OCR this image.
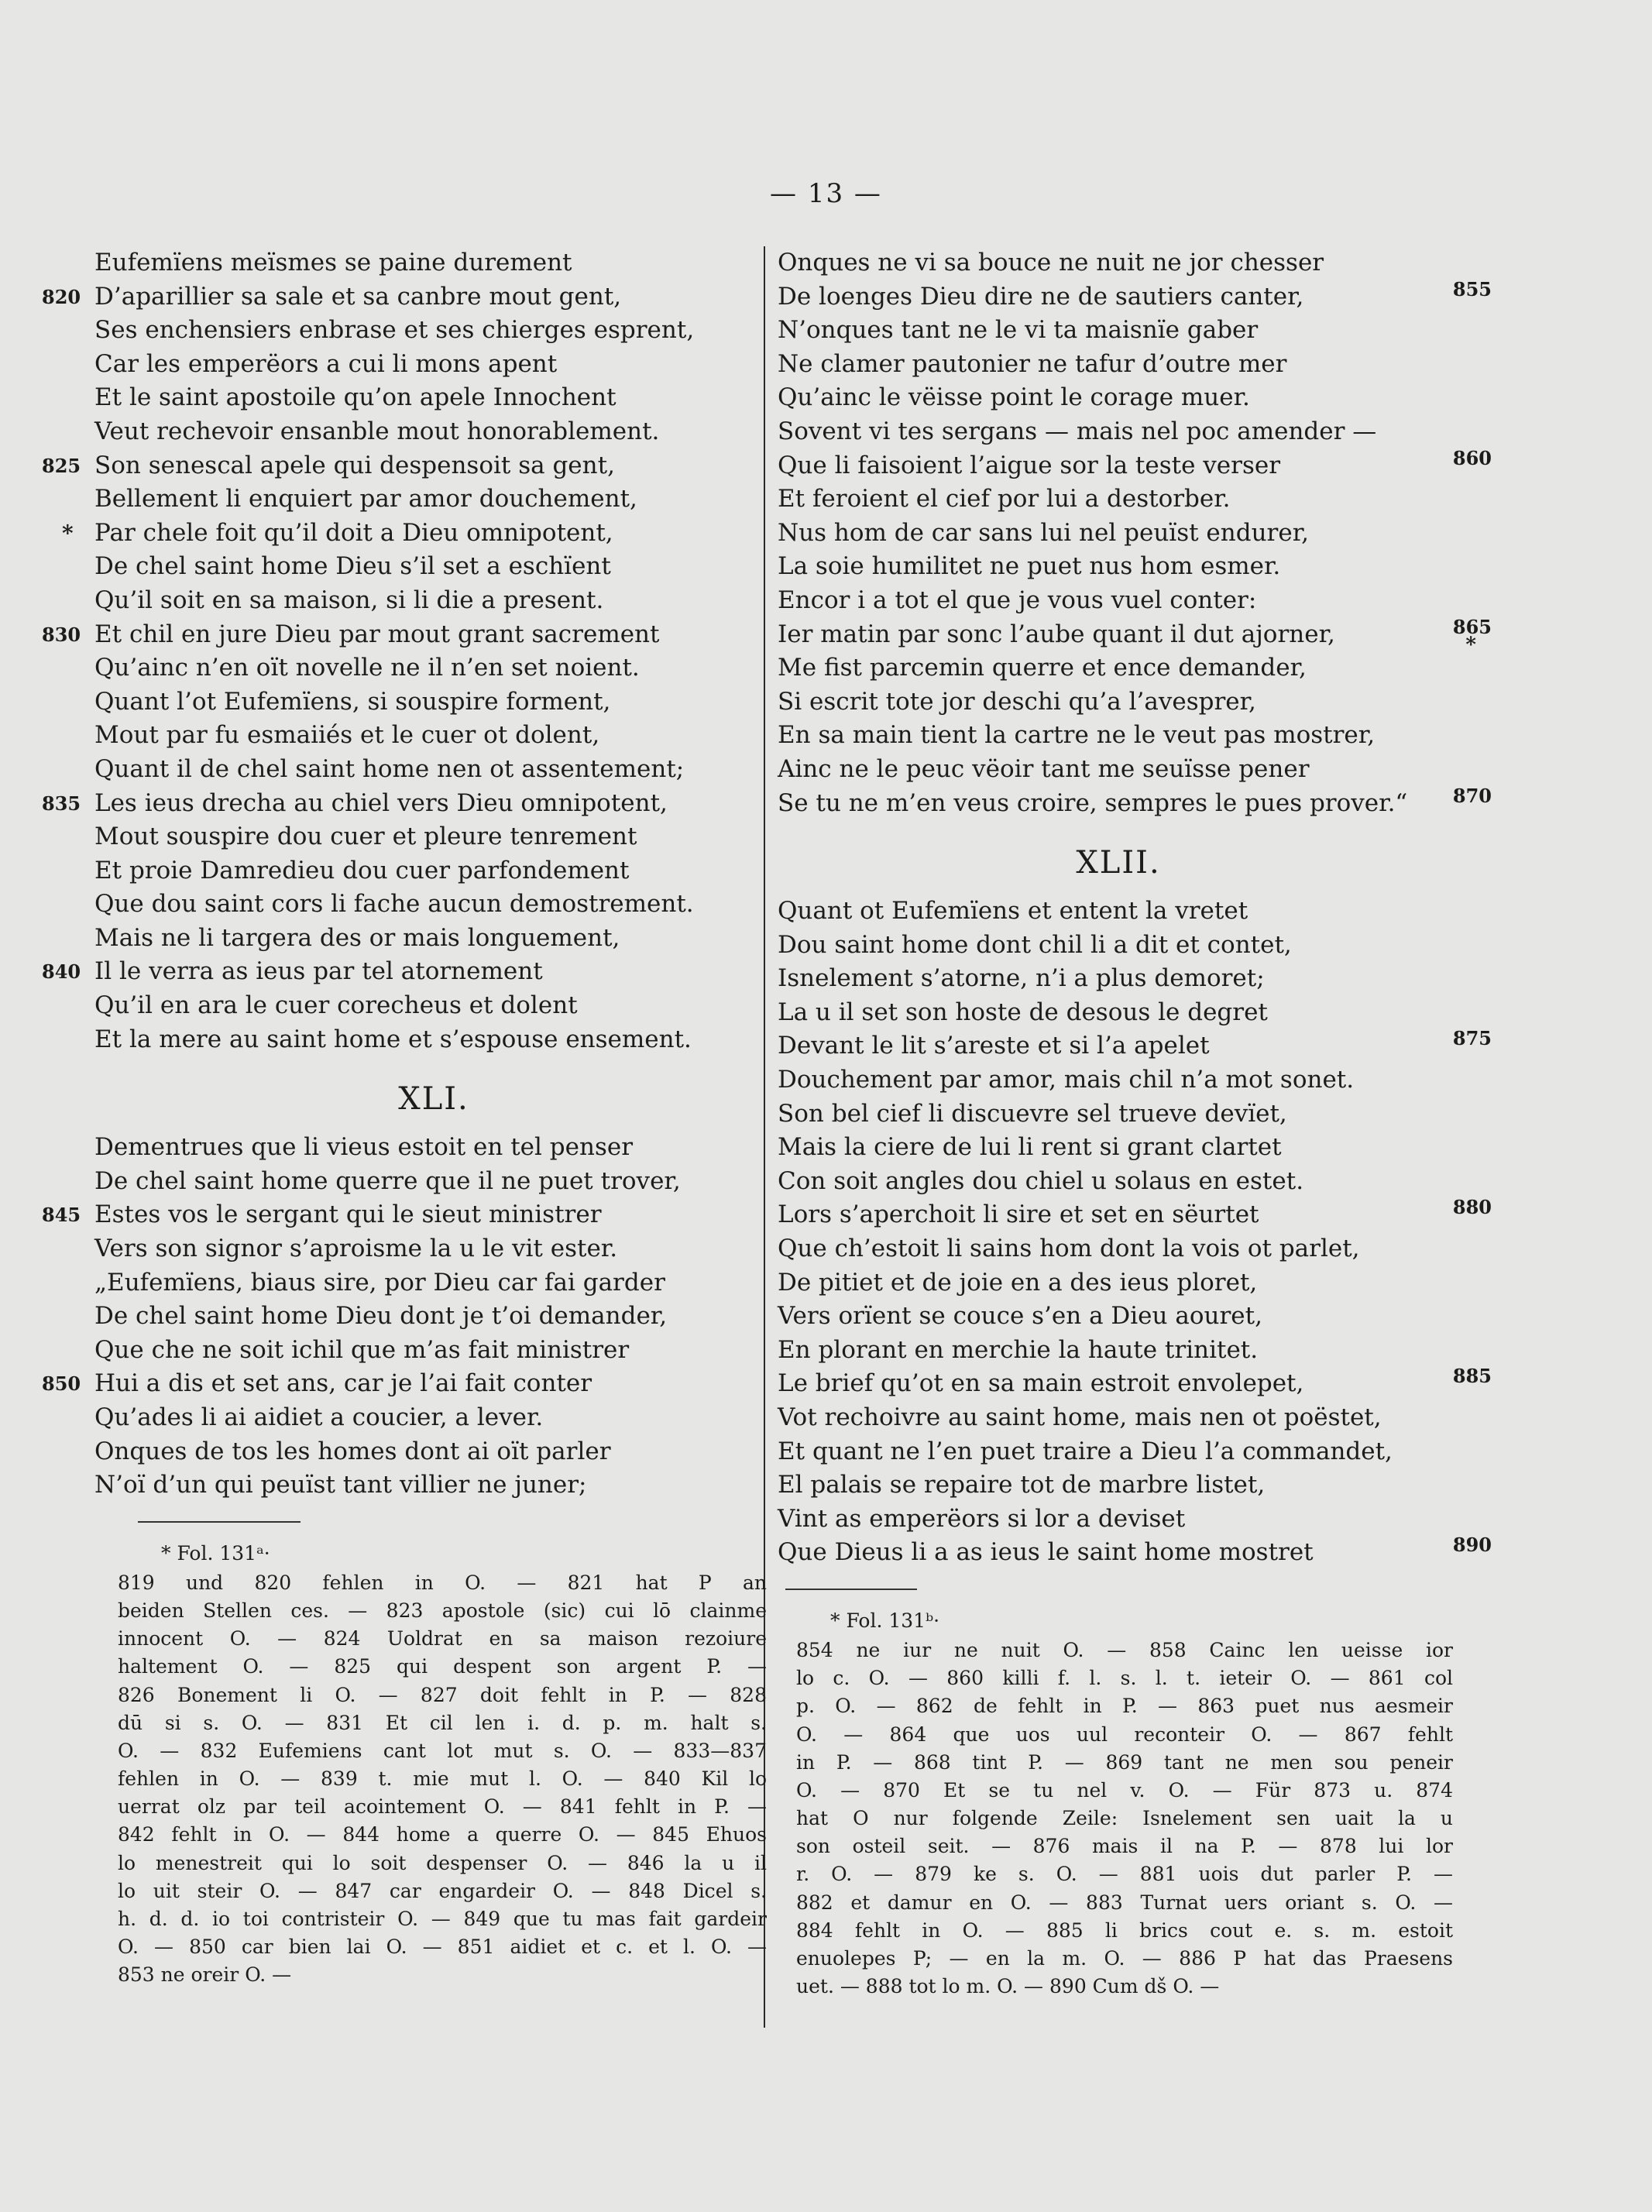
— 13 —
Eufemïens meïsmes se paine durement
D’aparillier sa sale et sa canbre mout gent,
820
Ses enchensiers enbrase et ses chierges esprent,
Car les emperëors a cui li mons apent
Et le saint apostoile qu’on apele Innochent
Veut rechevoir ensanble mout honorablement.
Son senescal apele qui despensoit sa gent,
825
Bellement li enquiert par amor douchement,
Par chele foit qu’il doit a Dieu omnipotent,
*
De chel saint home Dieu s’il set a eschïent
Qu’il soit en sa maison, si li die a present.
Et chil en jure Dieu par mout grant sacrement
830
Qu’ainc n’en oït novelle ne il n’en set noient.
Quant l’ot Eufemïens, si souspire forment,
Mout par fu esmaiiés et le cuer ot dolent,
Quant il de chel saint home nen ot assentement;
Les ieus drecha au chiel vers Dieu omnipotent,
835
Mout souspire dou cuer et pleure tenrement
Et proie Damredieu dou cuer parfondement
Que dou saint cors li fache aucun demostrement.
Mais ne li targera des or mais longuement,
Il le verra as ieus par tel atornement
840
Qu’il en ara le cuer corecheus et dolent
Et la mere au saint home et s’espouse ensement.
XLI.
Dementrues que li vieus estoit en tel penser
De chel saint home querre que il ne puet trover,
Estes vos le sergant qui le sieut ministrer
845
Vers son signor s’aproisme la u le vit ester.
„Eufemïens, biaus sire, por Dieu car fai garder
De chel saint home Dieu dont je t’oi demander,
Que che ne soit ichil que m’as fait ministrer
Hui a dis et set ans, car je l’ai fait conter
850
Qu’ades li ai aidiet a coucier, a lever.
Onques de tos les homes dont ai oït parler
N’oï d’un qui peuïst tant villier ne juner;
* Fol. 131ᵃ·
819 und 820 fehlen in O. — 821 hat P an
beiden Stellen ces. — 823 apostole (sic) cui lō clainme
innocent O. — 824 Uoldrat en sa maison rezoiure
haltement O. — 825 qui despent son argent P. —
826 Bonement li O. — 827 doit fehlt in P. — 828
dū si s. O. — 831 Et cil len i. d. p. m. halt s.
O. — 832 Eufemiens cant lot mut s. O. — 833—837
fehlen in O. — 839 t. mie mut l. O. — 840 Kil lo
uerrat olz par teil acointement O. — 841 fehlt in P. —
842 fehlt in O. — 844 home a querre O. — 845 Ehuos
lo menestreit qui lo soit despenser O. — 846 la u il
lo uit steir O. — 847 car engardeir O. — 848 Dicel s.
h. d. d. io toi contristeir O. — 849 que tu mas fait gardeir
O. — 850 car bien lai O. — 851 aidiet et c. et l. O. —
853 ne oreir O. —
Onques ne vi sa bouce ne nuit ne jor chesser
De loenges Dieu dire ne de sautiers canter,	855
N’onques tant ne le vi ta maisnïe gaber
Ne clamer pautonier ne tafur d’outre mer
Qu’ainc le vëisse point le corage muer.
Sovent vi tes sergans — mais nel poc amender —
Que li faisoient l’aigue sor la teste verser	860
Et feroient el cief por lui a destorber.
Nus hom de car sans lui nel peuïst endurer,
La soie humilitet ne puet nus hom esmer.
Encor i a tot el que je vous vuel conter:
Ier matin par sonc l’aube quant il dut ajorner,	865
*
Me fist parcemin querre et ence demander,
Si escrit tote jor deschi qu’a l’avesprer,
En sa main tient la cartre ne le veut pas mostrer,
Ainc ne le peuc vëoir tant me seuïsse pener
Se tu ne m’en veus croire, sempres le pues prover.“ 870
XLII.
Quant ot Eufemïens et entent la vretet
Dou saint home dont chil li a dit et contet,
Isnelement s’atorne, n’i a plus demoret;
La u il set son hoste de desous le degret
Devant le lit s’areste et si l’a apelet	875
Douchement par amor, mais chil n’a mot sonet.
Son bel cief li discuevre sel trueve devïet,
Mais la ciere de lui li rent si grant clartet
Con soit angles dou chiel u solaus en estet.
Lors s’aperchoit li sire et set en sëurtet	880
Que ch’estoit li sains hom dont la vois ot parlet,
De pitiet et de joie en a des ieus ploret,
Vers orïent se couce s’en a Dieu aouret,
En plorant en merchie la haute trinitet.
Le brief qu’ot en sa main estroit envolepet,	885
Vot rechoivre au saint home, mais nen ot poëstet,
Et quant ne l’en puet traire a Dieu l’a commandet,
El palais se repaire tot de marbre listet,
Vint as emperëors si lor a deviset
Que Dieus li a as ieus le saint home mostret	890
* Fol. 131ᵇ·
854 ne iur ne nuit O. — 858 Cainc len ueisse ior
lo c. O. — 860 killi f. l. s. l. t. ieteir O. — 861 col
p. O. — 862 de fehlt in P. — 863 puet nus aesmeir
O. — 864 que uos uul reconteir O. — 867 fehlt
in P. — 868 tint P. — 869 tant ne men sou peneir
O. — 870 Et se tu nel v. O. — Für 873 u. 874
hat O nur folgende Zeile: Isnelement sen uait la u
son osteil seit. — 876 mais il na P. — 878 lui lor
r. O. — 879 ke s. O. — 881 uois dut parler P. —
882 et damur en O. — 883 Turnat uers oriant s. O. —
884 fehlt in O. — 885 li brics cout e. s. m. estoit
enuolepes P; — en la m. O. — 886 P hat das Praesens
uet. — 888 tot lo m. O. — 890 Cum dš O. —
